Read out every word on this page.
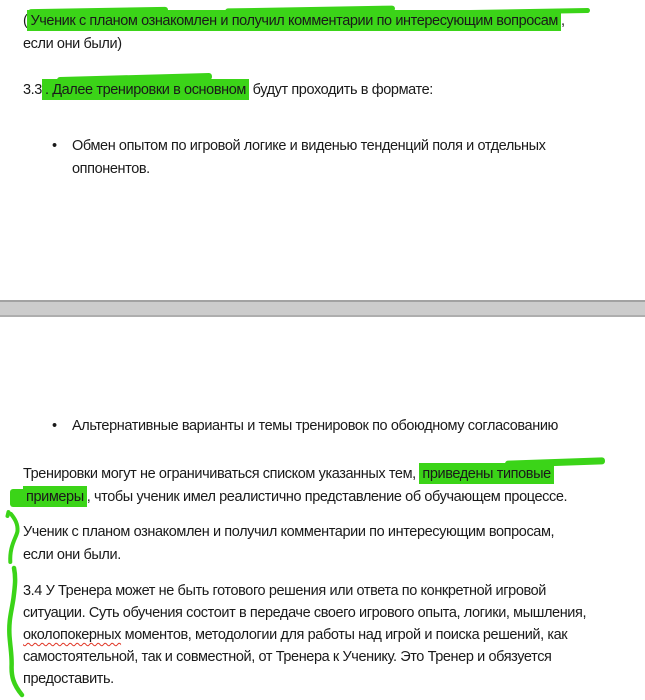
( Ученик с планом ознакомлен и получил комментарии по интересующим вопросам ,
если они были)
3.3 . Далее тренировки в основном будут проходить в формате:
• Обмен опытом по игровой логике и виденью тенденций поля и отдельных
оппонентов.
• Альтернативные варианты и темы тренировок по обоюдному согласованию
Тренировки могут не ограничиваться списком указанных тем, приведены типовые
примеры , чтобы ученик имел реалистично представление об обучающем процессе.
Ученик с планом ознакомлен и получил комментарии по интересующим вопросам,
если они были.
3.4 У Тренера может не быть готового решения или ответа по конкретной игровой
ситуации. Суть обучения состоит в передаче своего игрового опыта, логики, мышления,
околопокерных моментов, методологии для работы над игрой и поиска решений, как
самостоятельной, так и совместной, от Тренера к Ученику. Это Тренер и обязуется
предоставить.
